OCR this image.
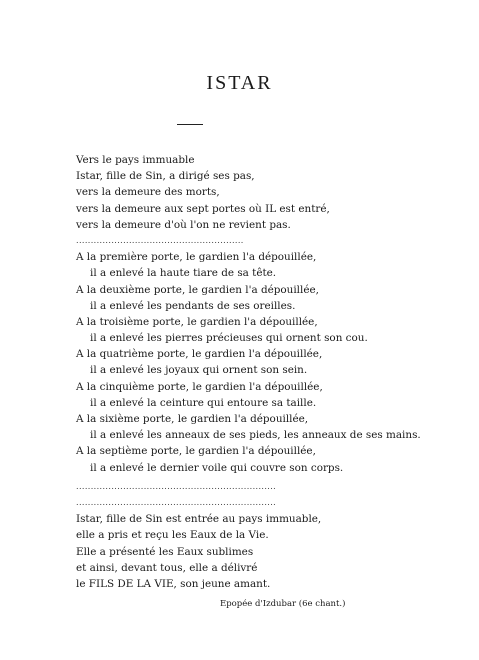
ISTAR
Vers le pays immuable
Istar, fille de Sin, a dirigé ses pas,
vers la demeure des morts,
vers la demeure aux sept portes où IL est entré,
vers la demeure d'où l'on ne revient pas.
.........................................................
A la première porte, le gardien l'a dépouillée,
il a enlevé la haute tiare de sa tête.
A la deuxième porte, le gardien l'a dépouillée,
il a enlevé les pendants de ses oreilles.
A la troisième porte, le gardien l'a dépouillée,
il a enlevé les pierres précieuses qui ornent son cou.
A la quatrième porte, le gardien l'a dépouillée,
il a enlevé les joyaux qui ornent son sein.
A la cinquième porte, le gardien l'a dépouillée,
il a enlevé la ceinture qui entoure sa taille.
A la sixième porte, le gardien l'a dépouillée,
il a enlevé les anneaux de ses pieds, les anneaux de ses mains.
A la septième porte, le gardien l'a dépouillée,
il a enlevé le dernier voile qui couvre son corps.
....................................................................
....................................................................
Istar, fille de Sin est entrée au pays immuable,
elle a pris et reçu les Eaux de la Vie.
Elle a présenté les Eaux sublimes
et ainsi, devant tous, elle a délivré
le FILS DE LA VIE, son jeune amant.
Epopée d'Izdubar (6e chant.)
